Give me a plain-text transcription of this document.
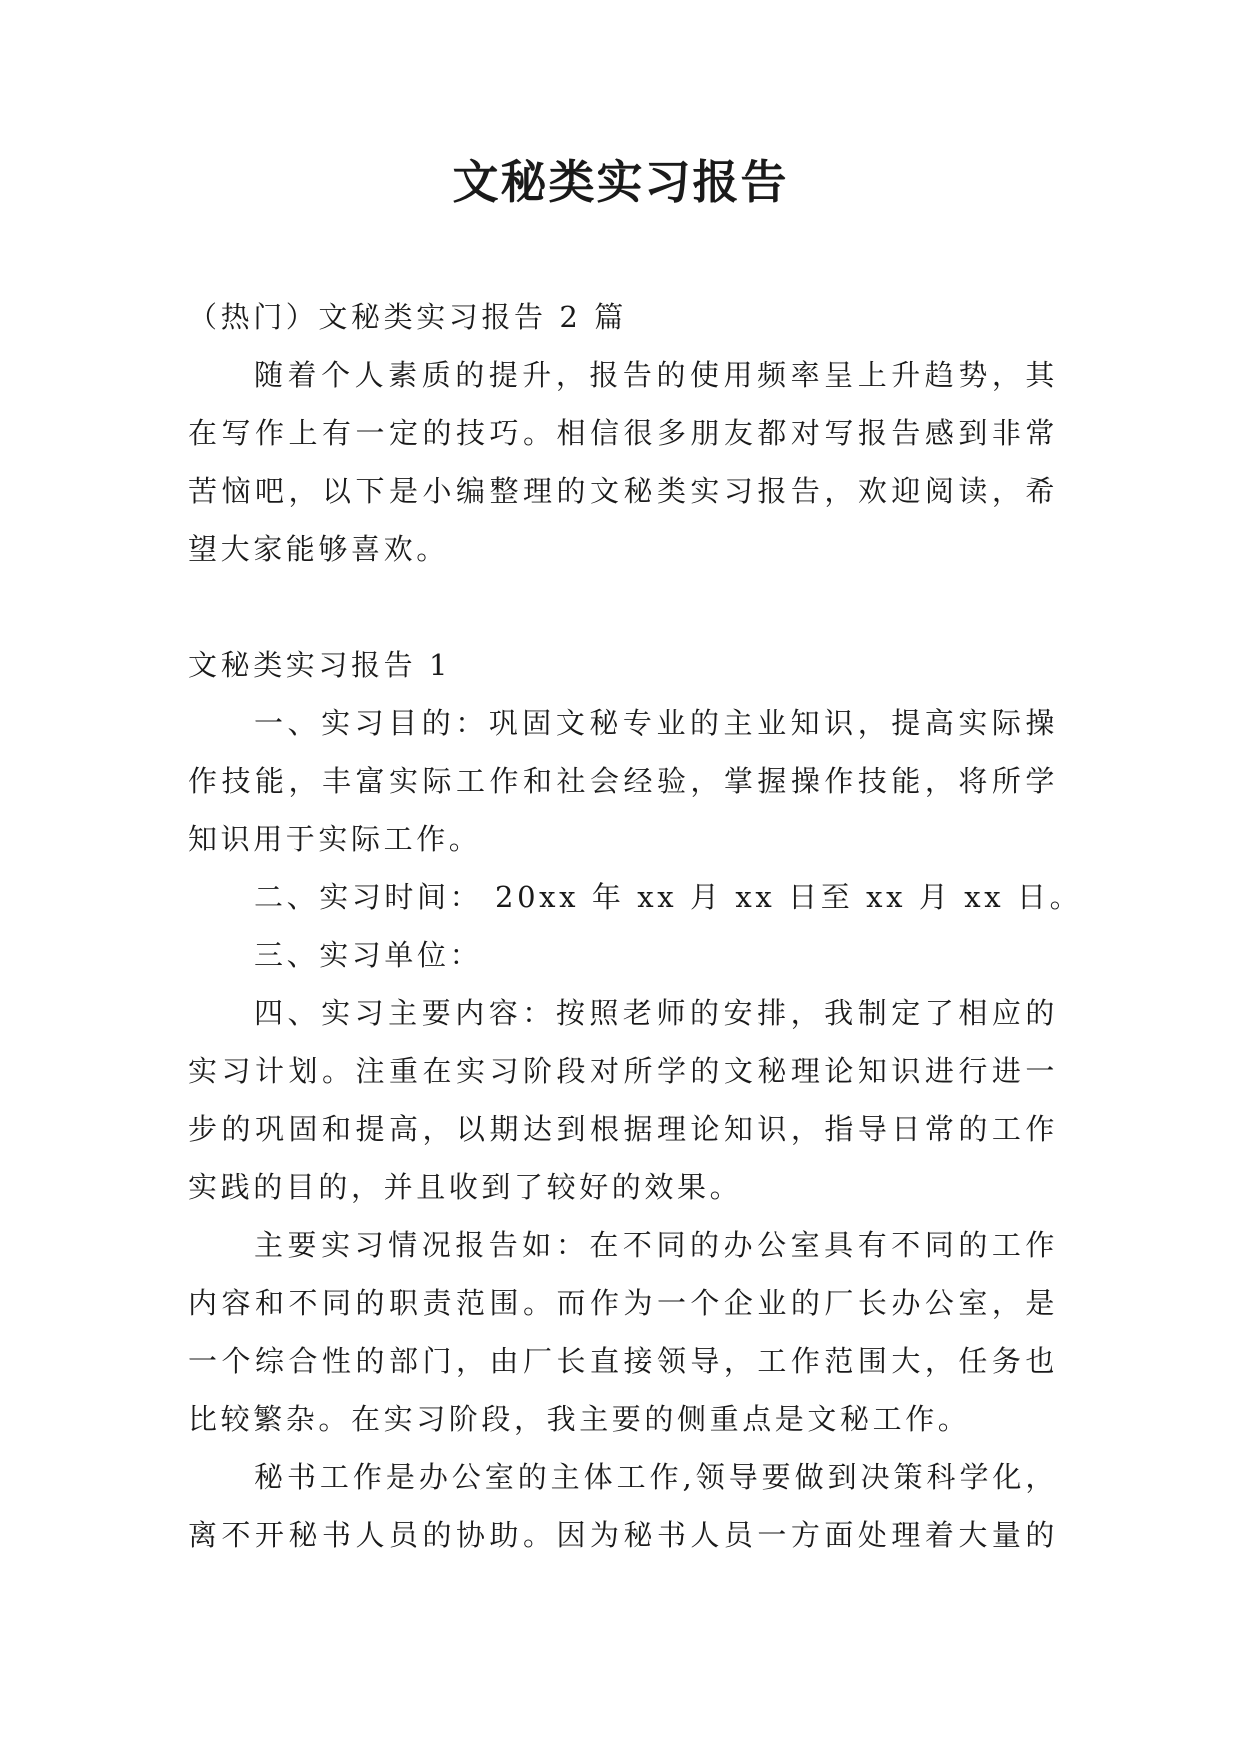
文秘类实习报告

（热门）文秘类实习报告 2 篇

随着个人素质的提升，报告的使用频率呈上升趋势，其

在写作上有一定的技巧。相信很多朋友都对写报告感到非常

苦恼吧，以下是小编整理的文秘类实习报告，欢迎阅读，希

望大家能够喜欢。

文秘类实习报告 1

一、实习目的：巩固文秘专业的主业知识，提高实际操

作技能，丰富实际工作和社会经验，掌握操作技能，将所学

知识用于实际工作。

二、实习时间： 20xx 年 xx 月 xx 日至 xx 月 xx 日。

三、实习单位：

四、实习主要内容：按照老师的安排，我制定了相应的

实习计划。注重在实习阶段对所学的文秘理论知识进行进一

步的巩固和提高，以期达到根据理论知识，指导日常的工作

实践的目的，并且收到了较好的效果。

主要实习情况报告如：在不同的办公室具有不同的工作

内容和不同的职责范围。而作为一个企业的厂长办公室，是

一个综合性的部门，由厂长直接领导，工作范围大，任务也

比较繁杂。在实习阶段，我主要的侧重点是文秘工作。

秘书工作是办公室的主体工作,领导要做到决策科学化，

离不开秘书人员的协助。因为秘书人员一方面处理着大量的
